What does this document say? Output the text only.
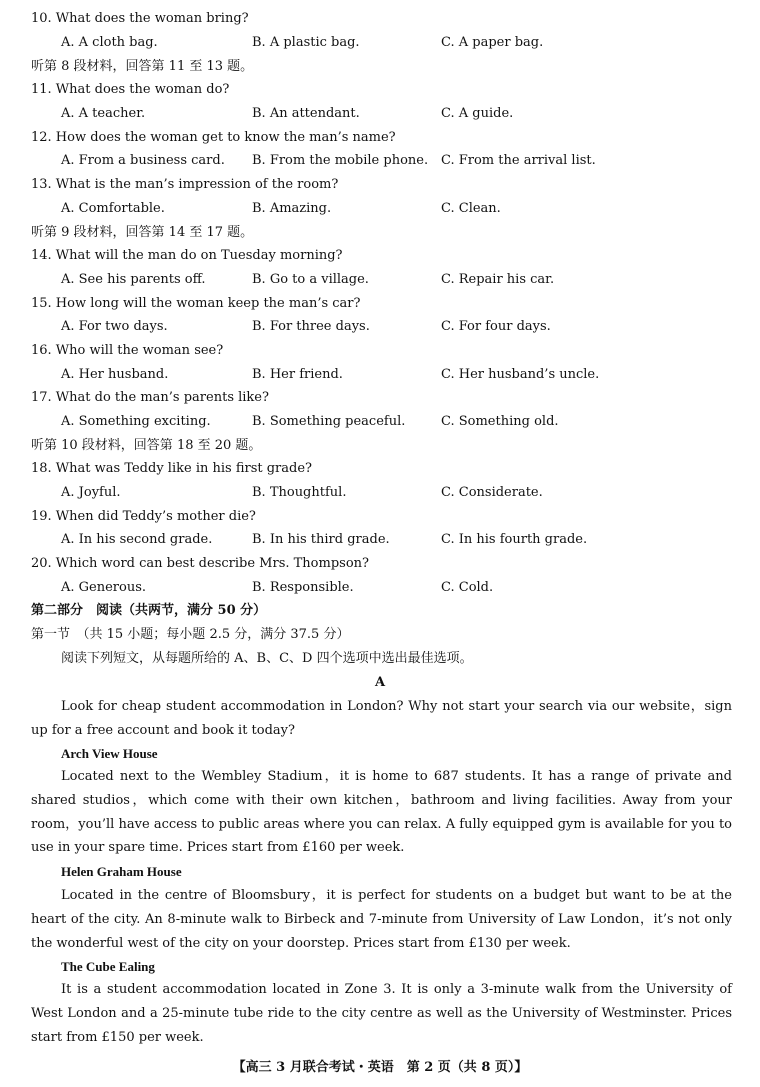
10. What does the woman bring?
A. A cloth bag.	B. A plastic bag.	C. A paper bag.
听第 8 段材料，回答第 11 至 13 题。
11. What does the woman do?
A. A teacher.	B. An attendant.	C. A guide.
12. How does the woman get to know the man’s name?
A. From a business card. B. From the mobile phone. C. From the arrival list.
13. What is the man’s impression of the room?
A. Comfortable.	B. Amazing.	C. Clean.
听第 9 段材料，回答第 14 至 17 题。
14. What will the man do on Tuesday morning?
A. See his parents off.	B. Go to a village.	C. Repair his car.
15. How long will the woman keep the man’s car?
A. For two days.	B. For three days.	C. For four days.
16. Who will the woman see?
A. Her husband.	B. Her friend.	C. Her husband’s uncle.
17. What do the man’s parents like?
A. Something exciting.	B. Something peaceful.	C. Something old.
听第 10 段材料，回答第 18 至 20 题。
18. What was Teddy like in his first grade?
A. Joyful.	B. Thoughtful.	C. Considerate.
19. When did Teddy’s mother die?
A. In his second grade.	B. In his third grade.	C. In his fourth grade.
20. Which word can best describe Mrs. Thompson?
A. Generous.	B. Responsible.	C. Cold.
第二部分　阅读（共两节，满分 50 分）
第一节　（共 15 小题；每小题 2.5 分，满分 37.5 分）
阅读下列短文，从每题所给的 A、B、C、D 四个选项中选出最佳选项。
A

Look for cheap student accommodation in London? Why not start your search via our website，sign up for a free account and book it today?

Arch View House

Located next to the Wembley Stadium，it is home to 687 students. It has a range of private and shared studios，which come with their own kitchen，bathroom and living facilities. Away from your room，you’ll have access to public areas where you can relax. A fully equipped gym is available for you to use in your spare time. Prices start from £160 per week.

Helen Graham House

Located in the centre of Bloomsbury，it is perfect for students on a budget but want to be at the heart of the city. An 8-minute walk to Birbeck and 7-minute from University of Law London，it’s not only the wonderful west of the city on your doorstep. Prices start from £130 per week.

The Cube Ealing

It is a student accommodation located in Zone 3. It is only a 3-minute walk from the University of West London and a 25-minute tube ride to the city centre as well as the University of Westminster. Prices start from £150 per week.

【高三 3 月联合考试・英语　第 2 页（共 8 页）】
